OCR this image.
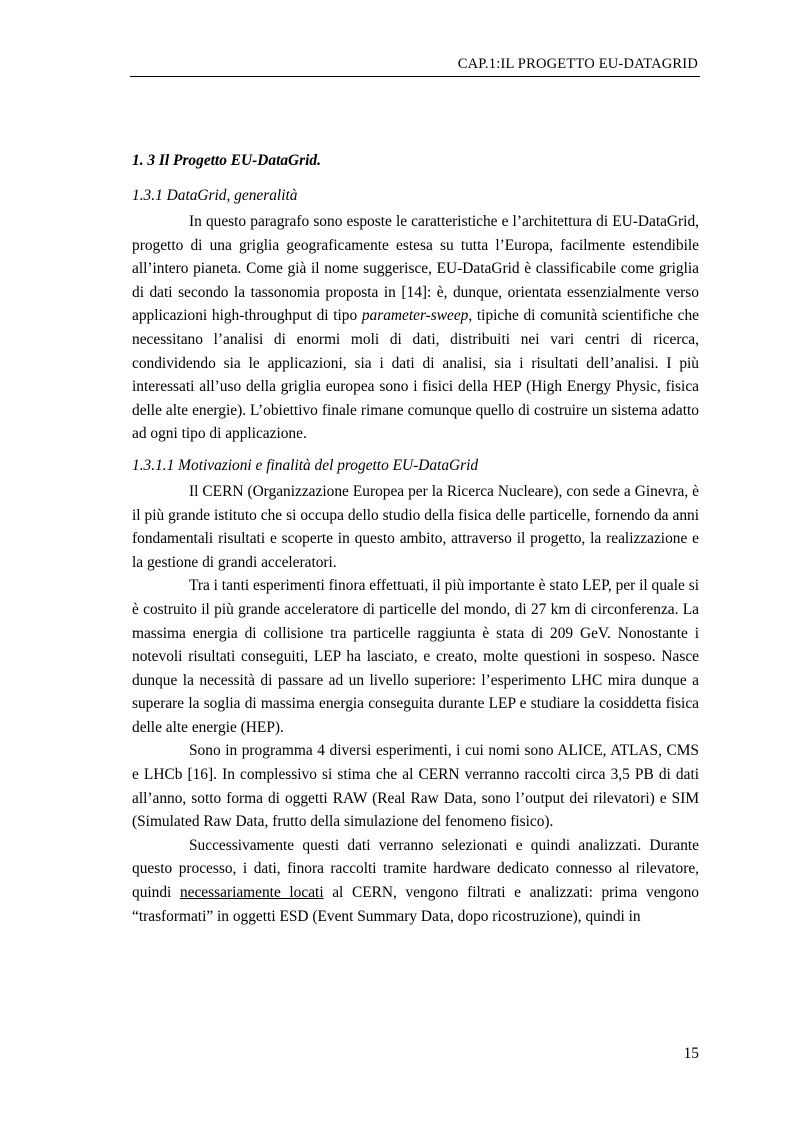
CAP.1:IL PROGETTO EU-DATAGRID
1. 3 Il Progetto EU-DataGrid.
1.3.1 DataGrid, generalità

In questo paragrafo sono esposte le caratteristiche e l’architettura di EU-DataGrid, progetto di una griglia geograficamente estesa su tutta l’Europa, facilmente estendibile all’intero pianeta. Come già il nome suggerisce, EU-DataGrid è classificabile come griglia di dati secondo la tassonomia proposta in [14]: è, dunque, orientata essenzialmente verso applicazioni high-throughput di tipo parameter-sweep, tipiche di comunità scientifiche che necessitano l’analisi di enormi moli di dati, distribuiti nei vari centri di ricerca, condividendo sia le applicazioni, sia i dati di analisi, sia i risultati dell’analisi. I più interessati all’uso della griglia europea sono i fisici della HEP (High Energy Physic, fisica delle alte energie). L’obiettivo finale rimane comunque quello di costruire un sistema adatto ad ogni tipo di applicazione.

1.3.1.1 Motivazioni e finalità del progetto EU-DataGrid

Il CERN (Organizzazione Europea per la Ricerca Nucleare), con sede a Ginevra, è il più grande istituto che si occupa dello studio della fisica delle particelle, fornendo da anni fondamentali risultati e scoperte in questo ambito, attraverso il progetto, la realizzazione e la gestione di grandi acceleratori.

Tra i tanti esperimenti finora effettuati, il più importante è stato LEP, per il quale si è costruito il più grande acceleratore di particelle del mondo, di 27 km di circonferenza. La massima energia di collisione tra particelle raggiunta è stata di 209 GeV. Nonostante i notevoli risultati conseguiti, LEP ha lasciato, e creato, molte questioni in sospeso. Nasce dunque la necessità di passare ad un livello superiore: l’esperimento LHC mira dunque a superare la soglia di massima energia conseguita durante LEP e studiare la cosiddetta fisica delle alte energie (HEP).

Sono in programma 4 diversi esperimenti, i cui nomi sono ALICE, ATLAS, CMS e LHCb [16]. In complessivo si stima che al CERN verranno raccolti circa 3,5 PB di dati all’anno, sotto forma di oggetti RAW (Real Raw Data, sono l’output dei rilevatori) e SIM (Simulated Raw Data, frutto della simulazione del fenomeno fisico).

Successivamente questi dati verranno selezionati e quindi analizzati. Durante questo processo, i dati, finora raccolti tramite hardware dedicato connesso al rilevatore, quindi necessariamente locati al CERN, vengono filtrati e analizzati: prima vengono “trasformati” in oggetti ESD (Event Summary Data, dopo ricostruzione), quindi in

15
